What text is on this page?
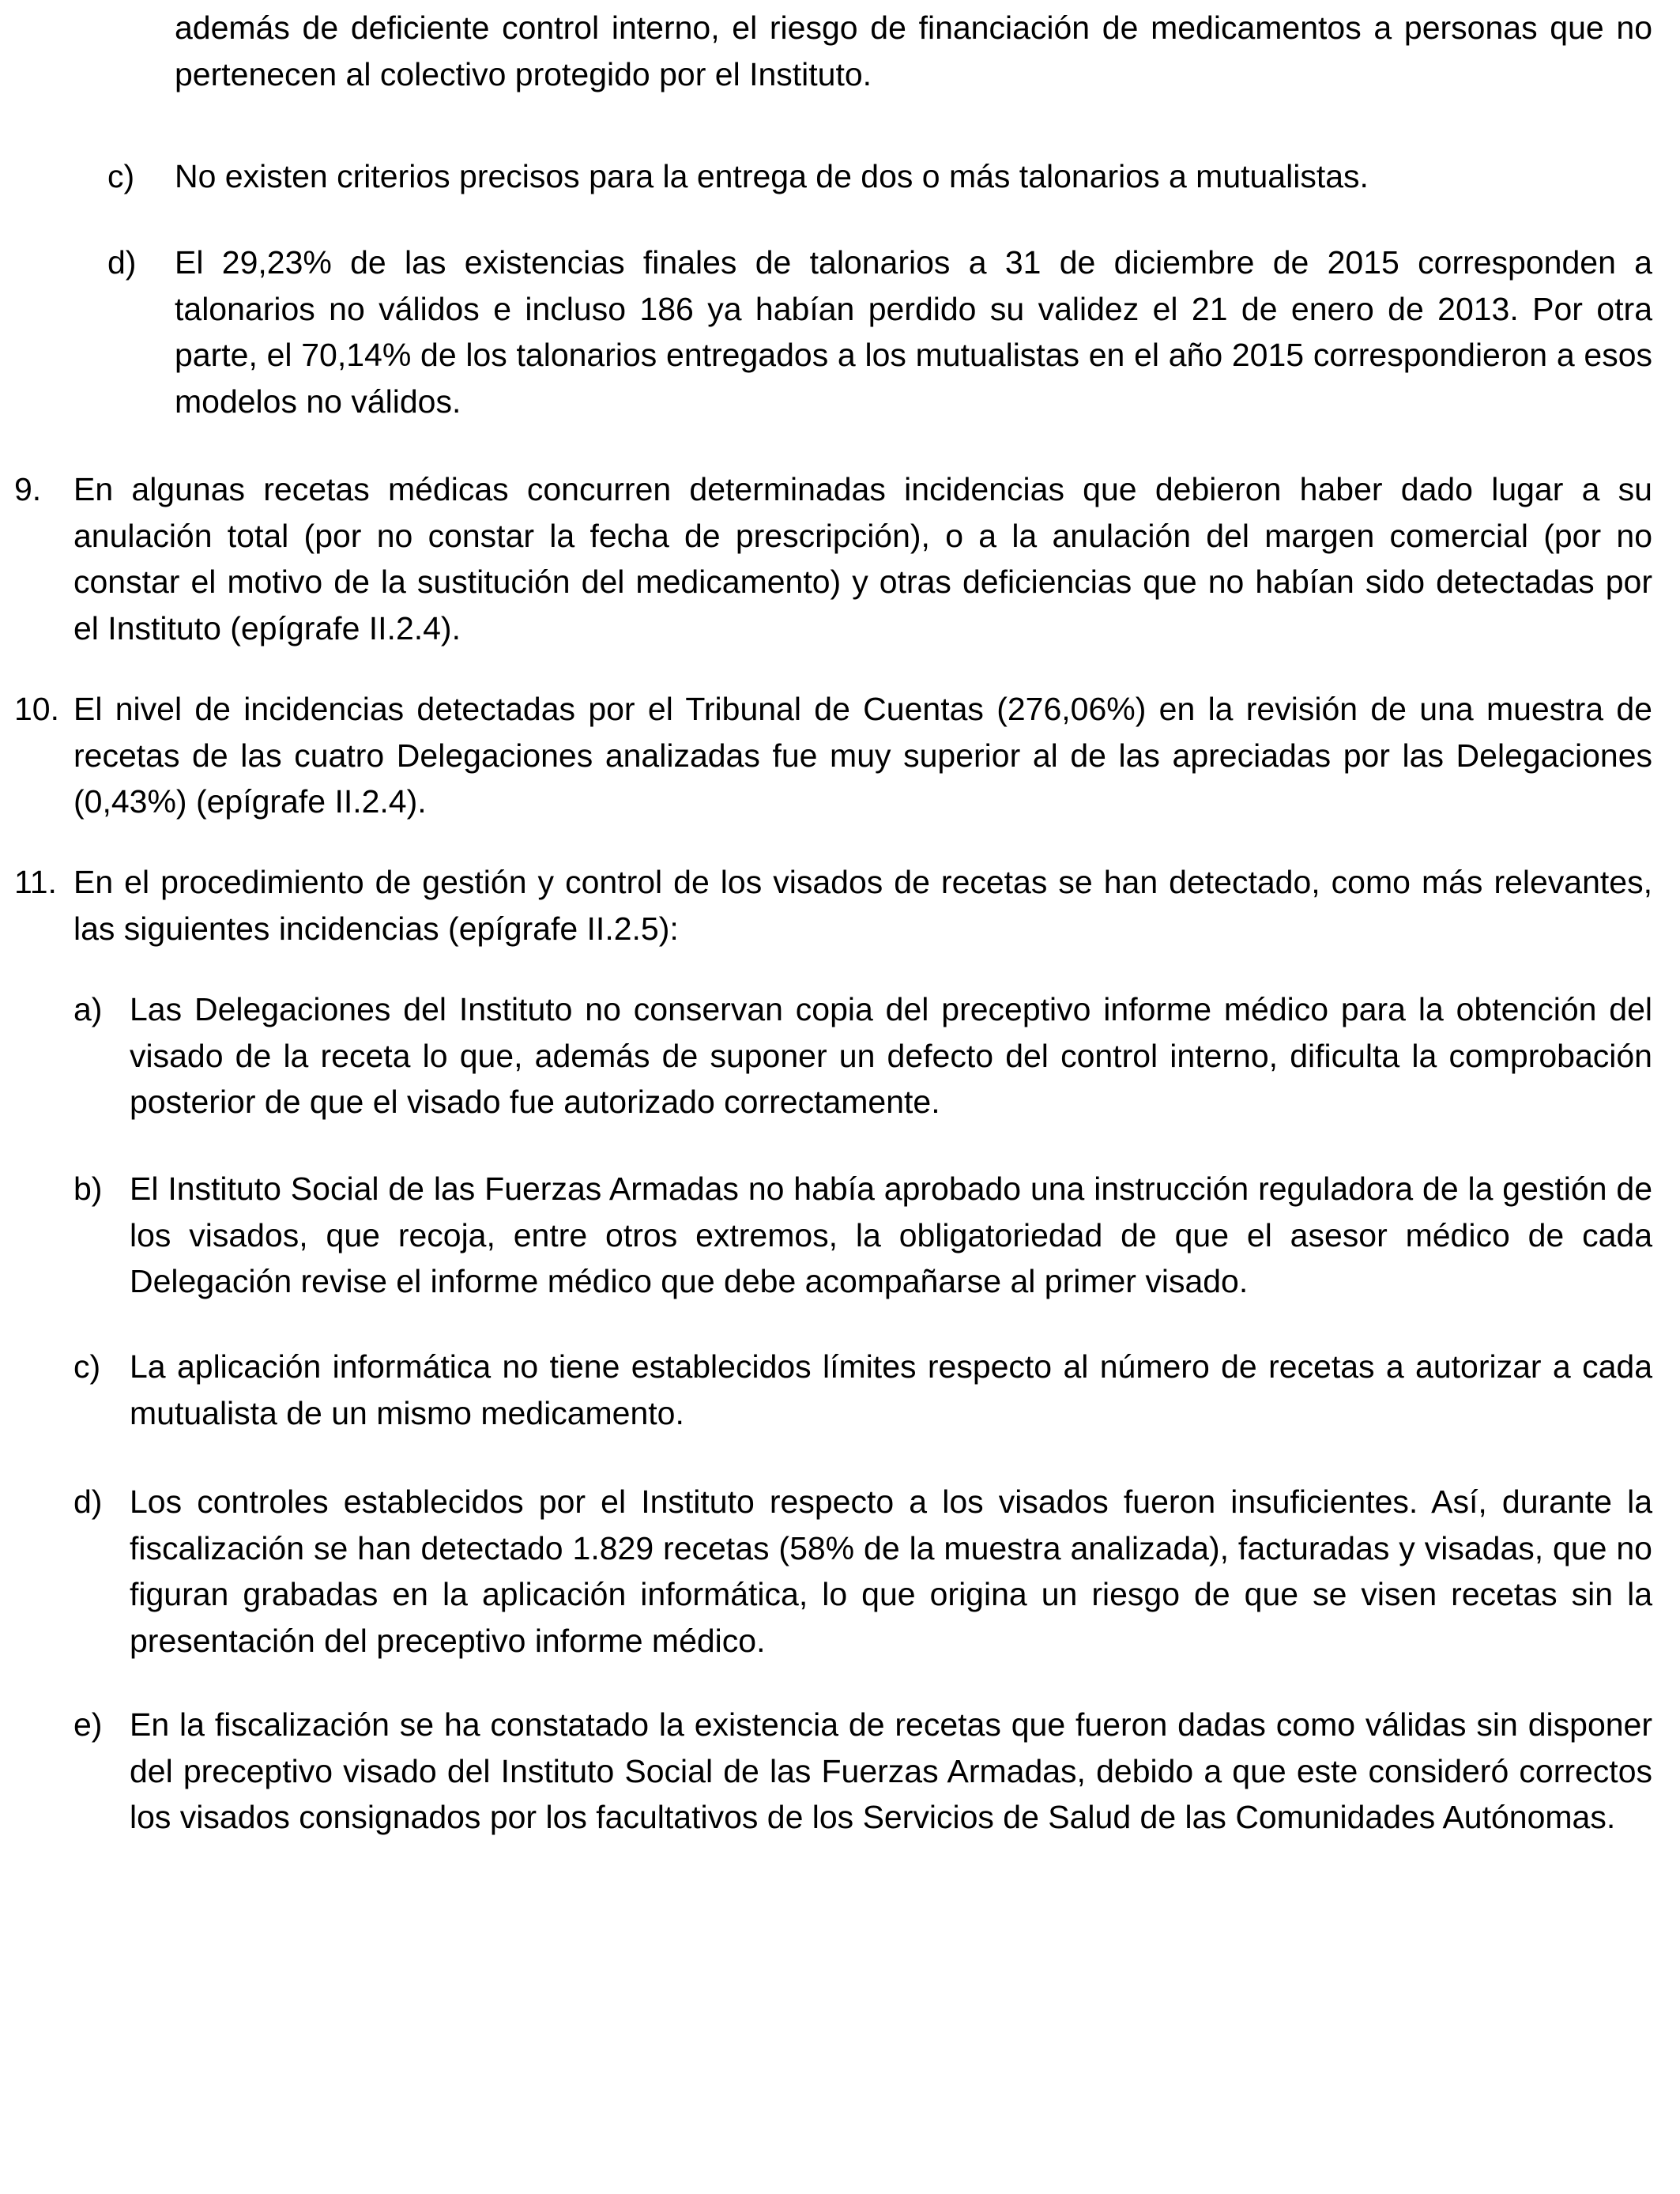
además de deficiente control interno, el riesgo de financiación de medicamentos a personas que no pertenecen al colectivo protegido por el Instituto.

c) No existen criterios precisos para la entrega de dos o más talonarios a mutualistas.

d) El 29,23% de las existencias finales de talonarios a 31 de diciembre de 2015 corresponden a talonarios no válidos e incluso 186 ya habían perdido su validez el 21 de enero de 2013. Por otra parte, el 70,14% de los talonarios entregados a los mutualistas en el año 2015 correspondieron a esos modelos no válidos.

9. En algunas recetas médicas concurren determinadas incidencias que debieron haber dado lugar a su anulación total (por no constar la fecha de prescripción), o a la anulación del margen comercial (por no constar el motivo de la sustitución del medicamento) y otras deficiencias que no habían sido detectadas por el Instituto (epígrafe II.2.4).

10. El nivel de incidencias detectadas por el Tribunal de Cuentas (276,06%) en la revisión de una muestra de recetas de las cuatro Delegaciones analizadas fue muy superior al de las apreciadas por las Delegaciones (0,43%) (epígrafe II.2.4).

11. En el procedimiento de gestión y control de los visados de recetas se han detectado, como más relevantes, las siguientes incidencias (epígrafe II.2.5):

a) Las Delegaciones del Instituto no conservan copia del preceptivo informe médico para la obtención del visado de la receta lo que, además de suponer un defecto del control interno, dificulta la comprobación posterior de que el visado fue autorizado correctamente.

b) El Instituto Social de las Fuerzas Armadas no había aprobado una instrucción reguladora de la gestión de los visados, que recoja, entre otros extremos, la obligatoriedad de que el asesor médico de cada Delegación revise el informe médico que debe acompañarse al primer visado.

c) La aplicación informática no tiene establecidos límites respecto al número de recetas a autorizar a cada mutualista de un mismo medicamento.

d) Los controles establecidos por el Instituto respecto a los visados fueron insuficientes. Así, durante la fiscalización se han detectado 1.829 recetas (58% de la muestra analizada), facturadas y visadas, que no figuran grabadas en la aplicación informática, lo que origina un riesgo de que se visen recetas sin la presentación del preceptivo informe médico.

e) En la fiscalización se ha constatado la existencia de recetas que fueron dadas como válidas sin disponer del preceptivo visado del Instituto Social de las Fuerzas Armadas, debido a que este consideró correctos los visados consignados por los facultativos de los Servicios de Salud de las Comunidades Autónomas.
